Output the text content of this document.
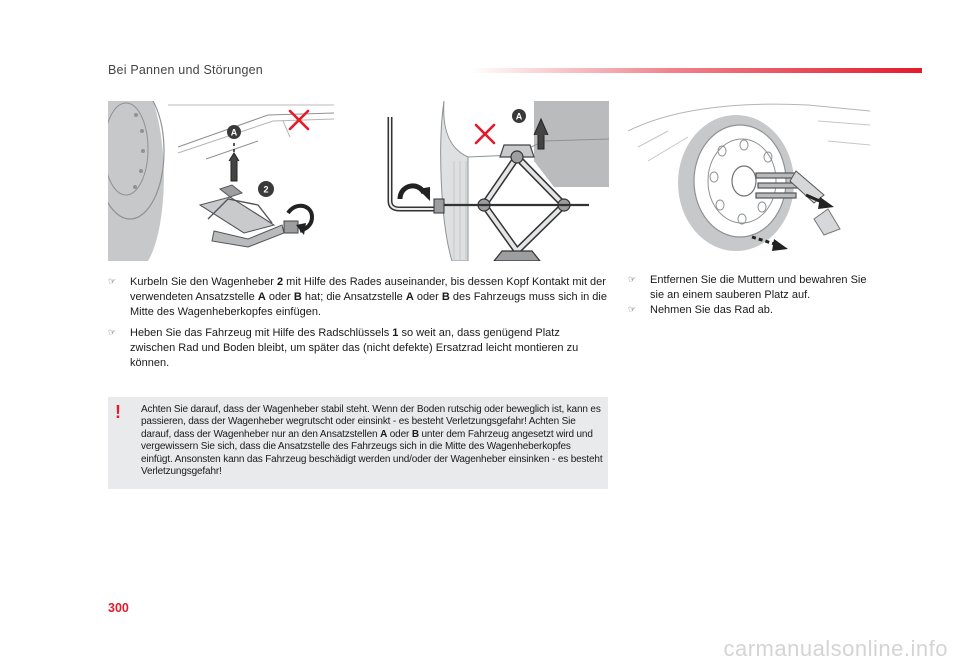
Bei Pannen und Störungen
A
2
A
☞ Kurbeln Sie den Wagenheber 2 mit Hilfe des Rades auseinander, bis dessen Kopf Kontakt mit der verwendeten Ansatzstelle A oder B hat; die Ansatzstelle A oder B des Fahrzeugs muss sich in die Mitte des Wagenheberkopfes einfügen.
☞ Heben Sie das Fahrzeug mit Hilfe des Radschlüssels 1 so weit an, dass genügend Platz zwischen Rad und Boden bleibt, um später das (nicht defekte) Ersatzrad leicht montieren zu können.
☞ Entfernen Sie die Muttern und bewahren Sie sie an einem sauberen Platz auf.
☞ Nehmen Sie das Rad ab.
! Achten Sie darauf, dass der Wagenheber stabil steht. Wenn der Boden rutschig oder beweglich ist, kann es passieren, dass der Wagenheber wegrutscht oder einsinkt - es besteht Verletzungsgefahr! Achten Sie darauf, dass der Wagenheber nur an den Ansatzstellen A oder B unter dem Fahrzeug angesetzt wird und vergewissern Sie sich, dass die Ansatzstelle des Fahrzeugs sich in die Mitte des Wagenheberkopfes einfügt. Ansonsten kann das Fahrzeug beschädigt werden und/oder der Wagenheber einsinken - es besteht Verletzungsgefahr!
300
carmanualsonline.info
